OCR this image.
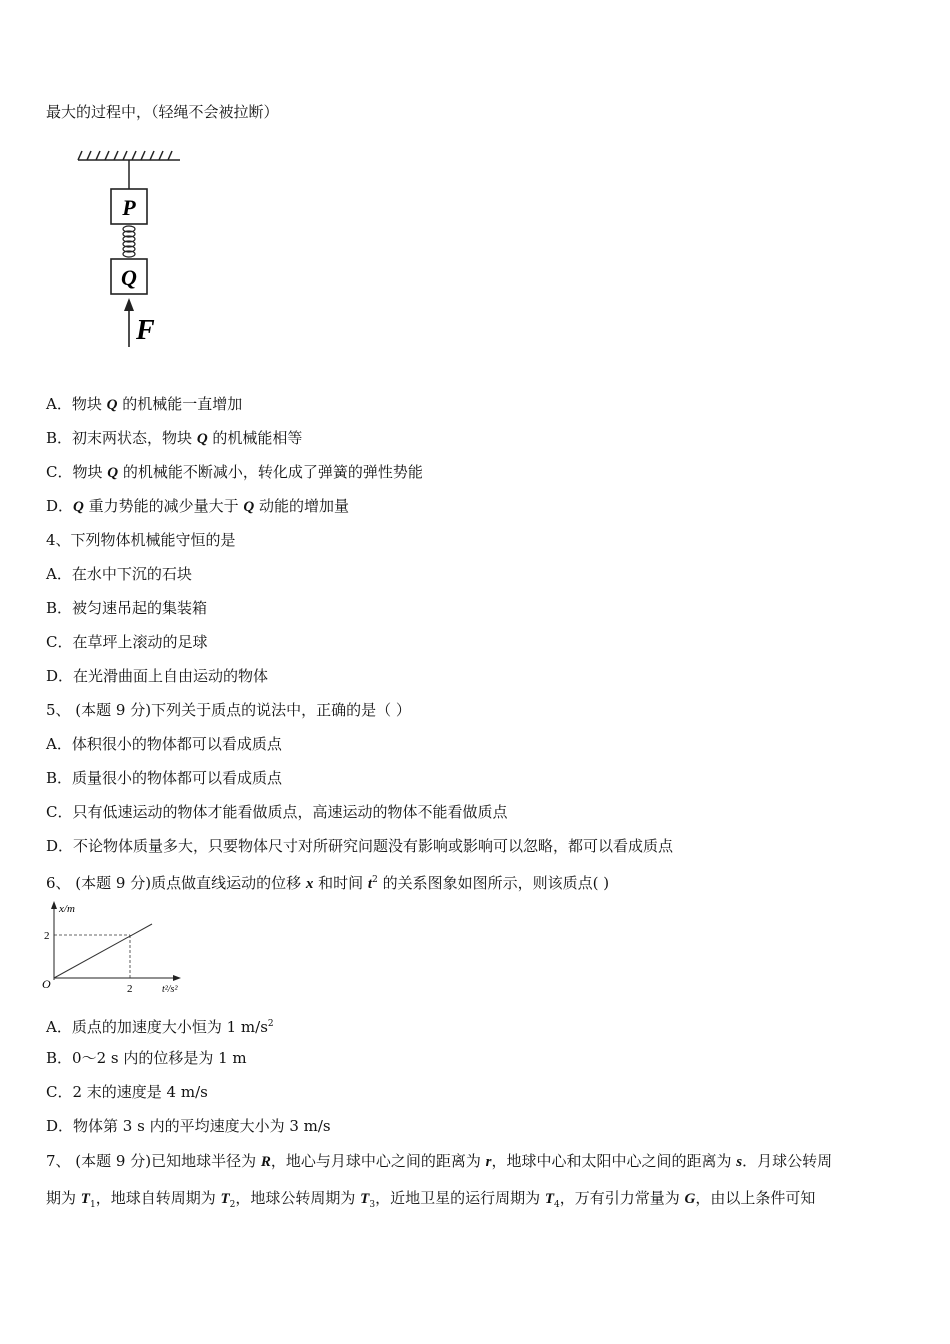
最大的过程中，（轻绳不会被拉断）
P
Q
F
A．物块 Q 的机械能一直增加
B．初末两状态，物块 Q 的机械能相等
C．物块 Q 的机械能不断减小，转化成了弹簧的弹性势能
D．Q 重力势能的减少量大于 Q 动能的增加量
4、下列物体机械能守恒的是
A．在水中下沉的石块
B．被匀速吊起的集装箱
C．在草坪上滚动的足球
D．在光滑曲面上自由运动的物体
5、 (本题 9 分)下列关于质点的说法中，正确的是（ ）
A．体积很小的物体都可以看成质点
B．质量很小的物体都可以看成质点
C．只有低速运动的物体才能看做质点，高速运动的物体不能看做质点
D．不论物体质量多大，只要物体尺寸对所研究问题没有影响或影响可以忽略，都可以看成质点
6、 (本题 9 分)质点做直线运动的位移 x 和时间 $t^2$ 的关系图象如图所示，则该质点( )
x/m
t²/s²
O
2
2
A．质点的加速度大小恒为 1 $m/s^2$
B．0～2 s 内的位移是为 1 m
C．2 末的速度是 4 m/s
D．物体第 3 s 内的平均速度大小为 3 m/s
7、 (本题 9 分)已知地球半径为 R，地心与月球中心之间的距离为 r，地球中心和太阳中心之间的距离为 s．月球公转周
期为 $T_1$，地球自转周期为 $T_2$，地球公转周期为 $T_3$，近地卫星的运行周期为 $T_4$，万有引力常量为 G，由以上条件可知
